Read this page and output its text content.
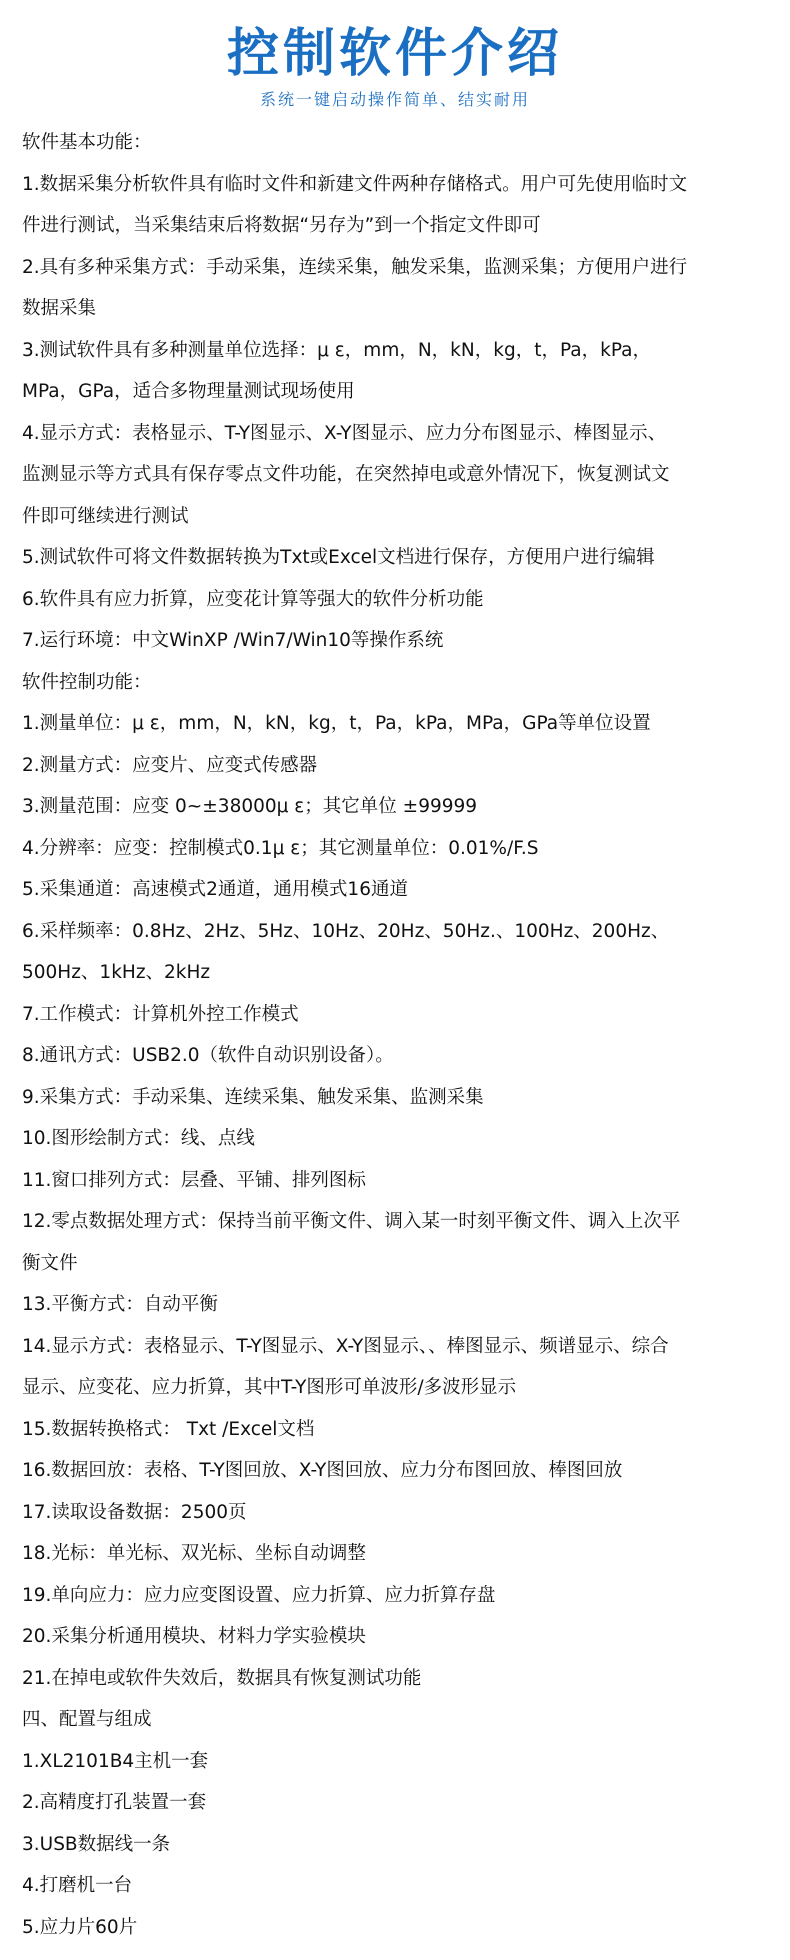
控制软件介绍
系统一键启动操作简单、结实耐用
软件基本功能：
1.数据采集分析软件具有临时文件和新建文件两种存储格式。用户可先使用临时文
件进行测试，当采集结束后将数据“另存为”到一个指定文件即可
2.具有多种采集方式：手动采集，连续采集，触发采集，监测采集；方便用户进行
数据采集
3.测试软件具有多种测量单位选择：μ ε，mm，N，kN，kg，t，Pa，kPa，
MPa，GPa，适合多物理量测试现场使用
4.显示方式：表格显示、T-Y图显示、X-Y图显示、应力分布图显示、棒图显示、
监测显示等方式具有保存零点文件功能，在突然掉电或意外情况下，恢复测试文
件即可继续进行测试
5.测试软件可将文件数据转换为Txt或Excel文档进行保存，方便用户进行编辑
6.软件具有应力折算，应变花计算等强大的软件分析功能
7.运行环境：中文WinXP /Win7/Win10等操作系统
软件控制功能：
1.测量单位：μ ε，mm，N，kN，kg，t，Pa，kPa，MPa，GPa等单位设置
2.测量方式：应变片、应变式传感器
3.测量范围：应变 0~±38000μ ε；其它单位 ±99999
4.分辨率：应变：控制模式0.1μ ε；其它测量单位：0.01%/F.S
5.采集通道：高速模式2通道，通用模式16通道
6.采样频率：0.8Hz、2Hz、5Hz、10Hz、20Hz、50Hz.、100Hz、200Hz、
500Hz、1kHz、2kHz
7.工作模式：计算机外控工作模式
8.通讯方式：USB2.0（软件自动识别设备）。
9.采集方式：手动采集、连续采集、触发采集、监测采集
10.图形绘制方式：线、点线
11.窗口排列方式：层叠、平铺、排列图标
12.零点数据处理方式：保持当前平衡文件、调入某一时刻平衡文件、调入上次平
衡文件
13.平衡方式：自动平衡
14.显示方式：表格显示、T-Y图显示、X-Y图显示、、棒图显示、频谱显示、综合
显示、应变花、应力折算，其中T-Y图形可单波形/多波形显示
15.数据转换格式： Txt /Excel文档
16.数据回放：表格、T-Y图回放、X-Y图回放、应力分布图回放、棒图回放
17.读取设备数据：2500页
18.光标：单光标、双光标、坐标自动调整
19.单向应力：应力应变图设置、应力折算、应力折算存盘
20.采集分析通用模块、材料力学实验模块
21.在掉电或软件失效后，数据具有恢复测试功能
四、配置与组成
1.XL2101B4主机一套
2.高精度打孔装置一套
3.USB数据线一条
4.打磨机一台
5.应力片60片
